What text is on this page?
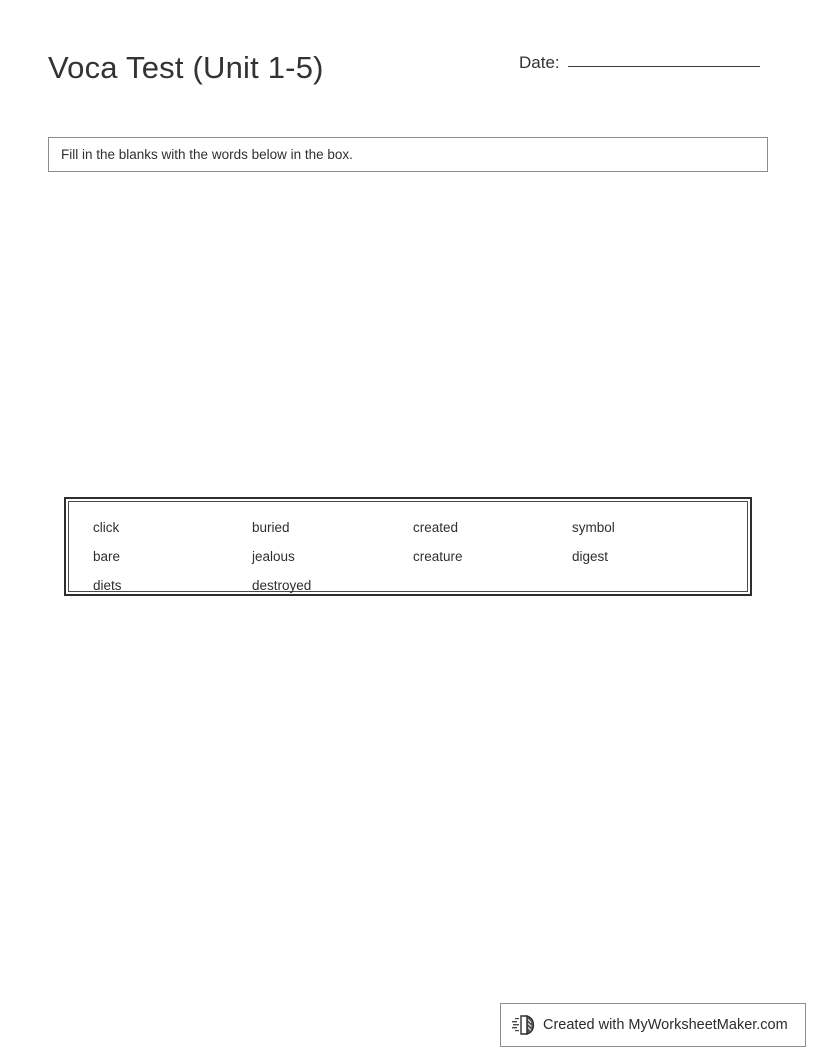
Voca Test (Unit 1-5)	Date:
Fill in the blanks with the words below in the box.
click	buried	created	symbol
bare	jealous	creature	digest
diets	destroyed
Created with MyWorksheetMaker.com
